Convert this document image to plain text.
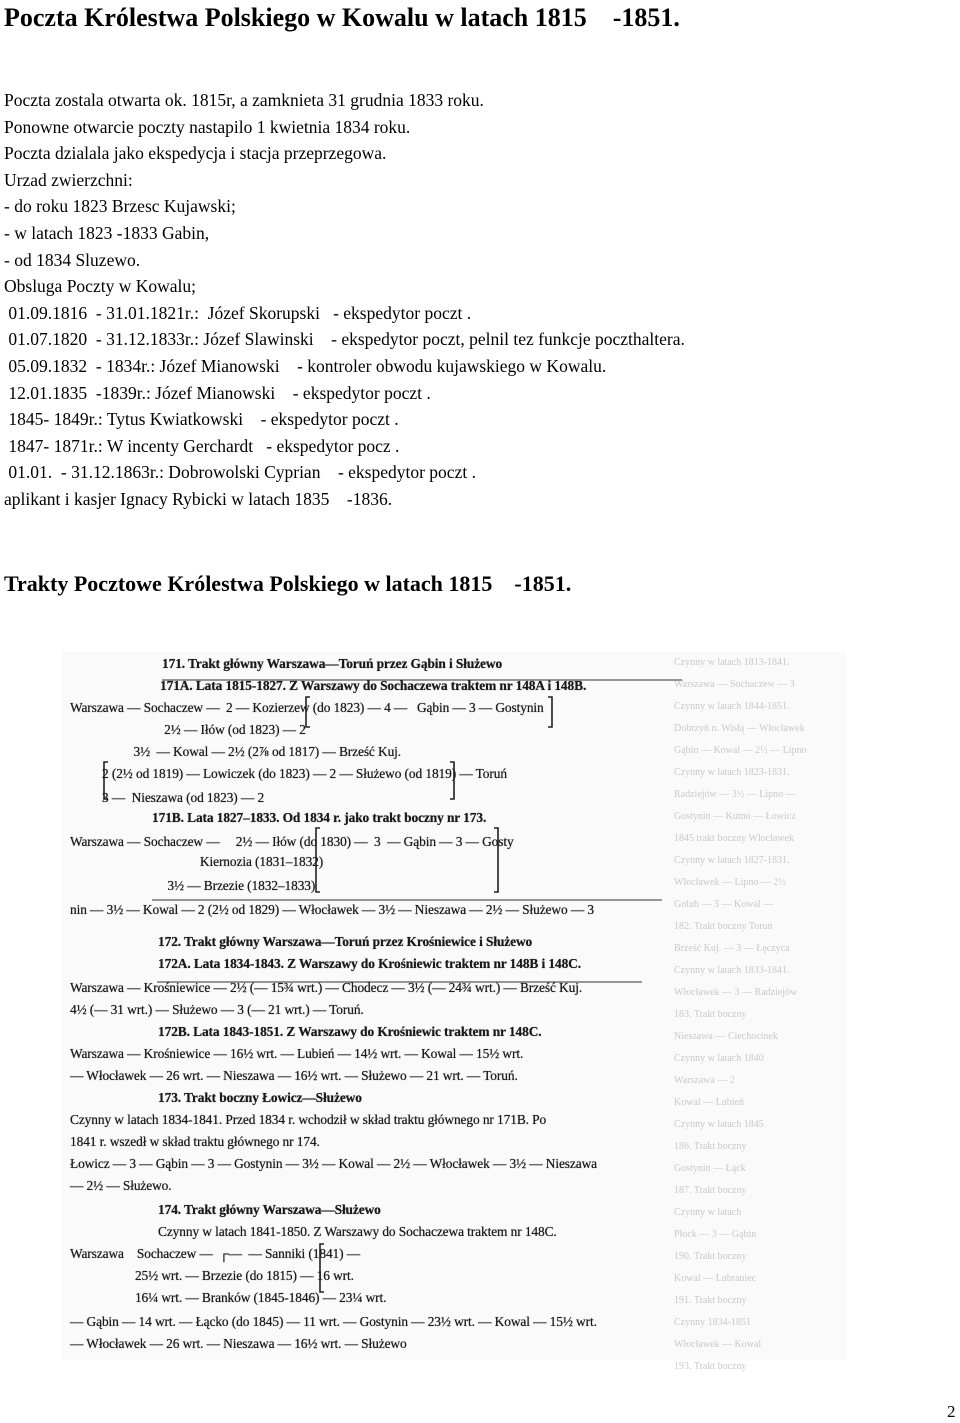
Poczta Królestwa Polskiego w Kowalu w latach 1815    -1851.
Poczta zostala otwarta ok. 1815r, a zamknieta 31 grudnia 1833 roku.
Ponowne otwarcie poczty nastapilo 1 kwietnia 1834 roku.
Poczta dzialala jako ekspedycja i stacja przeprzegowa.
Urzad zwierzchni:
- do roku 1823 Brzesc Kujawski;
- w latach 1823 -1833 Gabin,
- od 1834 Sluzewo.
Obsluga Poczty w Kowalu;
01.09.1816  - 31.01.1821r.:  Józef Skorupski   - ekspedytor poczt .
01.07.1820  - 31.12.1833r.: Józef Slawinski    - ekspedytor poczt, pelnil tez funkcje poczthaltera.
05.09.1832  - 1834r.: Józef Mianowski    - kontroler obwodu kujawskiego w Kowalu.
12.01.1835  -1839r.: Józef Mianowski    - ekspedytor poczt .
1845- 1849r.: Tytus Kwiatkowski    - ekspedytor poczt .
1847- 1871r.: W incenty Gerchardt   - ekspedytor pocz .
01.01.  - 31.12.1863r.: Dobrowolski Cyprian    - ekspedytor poczt .
aplikant i kasjer Ignacy Rybicki w latach 1835    -1836.
Trakty Pocztowe Królestwa Polskiego w latach 1815    -1851.
Czynny w latach 1813-1841.
Warszawa — Sochaczew — 3
Czynny w latach 1844-1851.
Dobrzyń n. Wisłą — Włocławek
Gąbin — Kowal — 2½ — Lipno
Czynny w latach 1823-1831.
Radziejów — 3½ — Lipno —
Gostynin — Kutno — Łowicz
1845 trakt boczny Włocławek
Czynny w latach 1827-1831.
Włocławek — Lipno — 2½
Golub — 3 — Kowal —
182. Trakt boczny Toruń
Brześć Kuj. — 3 — Łęczyca
Czynny w latach 1833-1841.
Włocławek — 3 — Radziejów
183. Trakt boczny
Nieszawa — Ciechocinek
Czynny w latach 1840
Warszawa — 2
Kowal — Lubień
Czynny w latach 1845
186. Trakt boczny
Gostynin — Łąck
187. Trakt boczny
Czynny w latach
Płock — 3 — Gąbin
190. Trakt boczny
Kowal — Lubraniec
191. Trakt boczny
Czynny 1834-1851
Włocławek — Kowal
193. Trakt boczny
171. Trakt główny Warszawa—Toruń przez Gąbin i Służewo
171A. Lata 1815-1827. Z Warszawy do Sochaczewa traktem nr 148A i 148B.
Warszawa — Sochaczew —  2 — Kozierzew (do 1823) — 4 —   Gąbin — 3 — Gostynin
2½ — Iłów (od 1823) — 2
3½  — Kowal — 2½ (2⅞ od 1817) — Brześć Kuj.
2 (2½ od 1819) — Lowiczek (do 1823) — 2 — Służewo (od 1819) — Toruń
3 —  Nieszawa (od 1823) — 2
171B. Lata 1827–1833. Od 1834 r. jako trakt boczny nr 173.
Warszawa — Sochaczew —     2½ — Iłów (do 1830) —  3  — Gąbin — 3 — Gosty
Kiernozia (1831–1832)
3½ — Brzezie (1832–1833)
nin — 3½ — Kowal — 2 (2½ od 1829) — Włocławek — 3½ — Nieszawa — 2½ — Służewo — 3
172. Trakt główny Warszawa—Toruń przez Krośniewice i Służewo
172A. Lata 1834-1843. Z Warszawy do Krośniewic traktem nr 148B i 148C.
Warszawa — Krośniewice — 2½ (— 15¾ wrt.) — Chodecz — 3½ (— 24¾ wrt.) — Brześć Kuj.
4½ (— 31 wrt.) — Służewo — 3 (— 21 wrt.) — Toruń.
172B. Lata 1843-1851. Z Warszawy do Krośniewic traktem nr 148C.
Warszawa — Krośniewice — 16½ wrt. — Lubień — 14½ wrt. — Kowal — 15½ wrt.
— Włocławek — 26 wrt. — Nieszawa — 16½ wrt. — Służewo — 21 wrt. — Toruń.
173. Trakt boczny Łowicz—Służewo
Czynny w latach 1834-1841. Przed 1834 r. wchodził w skład traktu głównego nr 171B. Po
1841 r. wszedł w skład traktu głównego nr 174.
Łowicz — 3 — Gąbin — 3 — Gostynin — 3½ — Kowal — 2½ — Włocławek — 3½ — Nieszawa
— 2½ — Służewo.
174. Trakt główny Warszawa—Służewo
Czynny w latach 1841-1850. Z Warszawy do Sochaczewa traktem nr 148C.
Warszawa    Sochaczew —  ┌—  — Sanniki (1841) —
25½ wrt. — Brzezie (do 1815) — 16 wrt.
16¼ wrt. — Branków (1845-1846) — 23¼ wrt.
— Gąbin — 14 wrt. — Łącko (do 1845) — 11 wrt. — Gostynin — 23½ wrt. — Kowal — 15½ wrt.
— Włocławek — 26 wrt. — Nieszawa — 16½ wrt. — Służewo
2
